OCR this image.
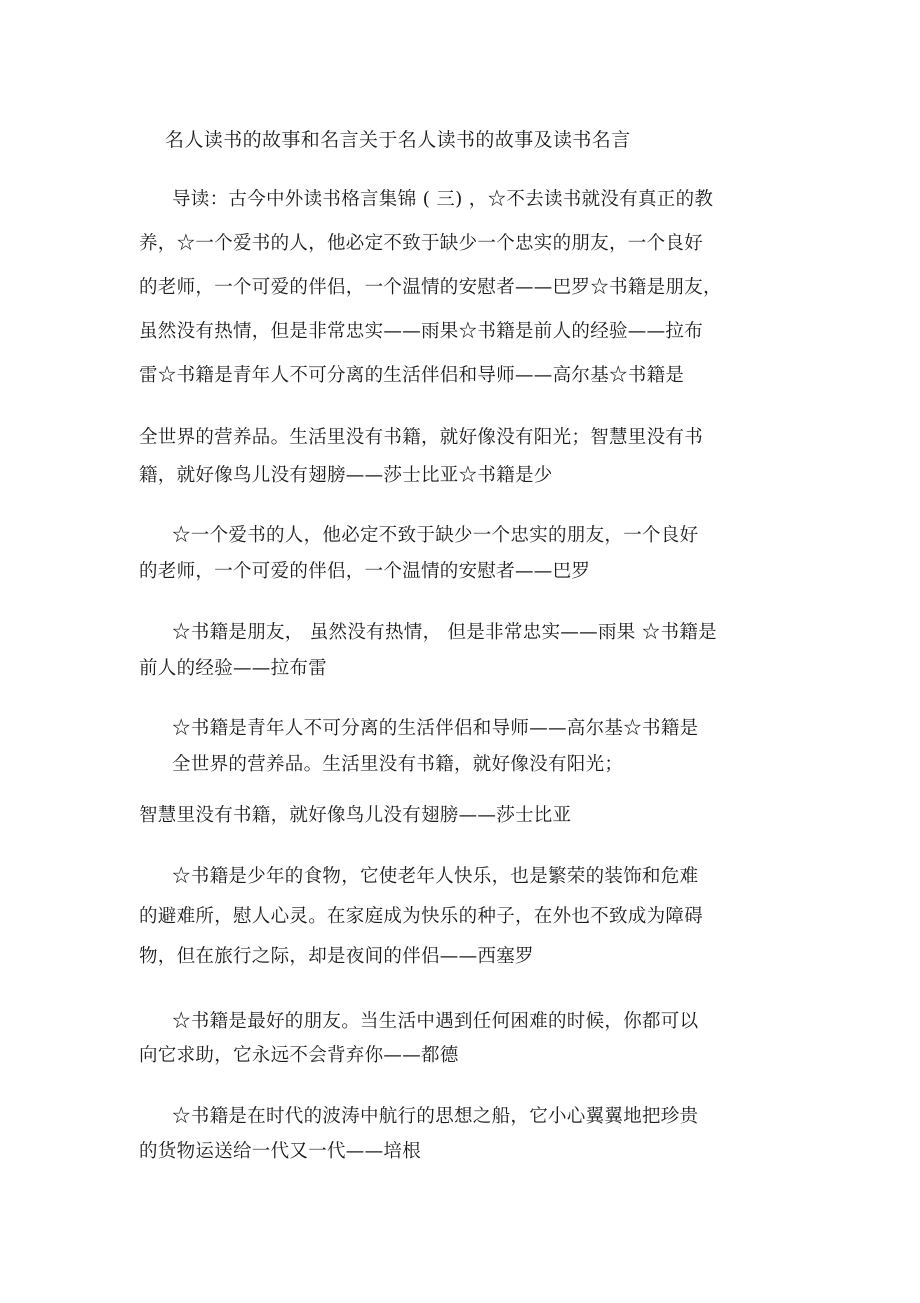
名人读书的故事和名言关于名人读书的故事及读书名言

导读：古今中外读书格言集锦 ( 三) ，☆不去读书就没有真正的教

养，☆一个爱书的人，他必定不致于缺少一个忠实的朋友，一个良好

的老师，一个可爱的伴侣，一个温情的安慰者——巴罗☆书籍是朋友，

虽然没有热情，但是非常忠实——雨果☆书籍是前人的经验——拉布

雷☆书籍是青年人不可分离的生活伴侣和导师——高尔基☆书籍是

全世界的营养品。生活里没有书籍，就好像没有阳光；智慧里没有书

籍，就好像鸟儿没有翅膀——莎士比亚☆书籍是少

☆一个爱书的人，他必定不致于缺少一个忠实的朋友，一个良好

的老师，一个可爱的伴侣，一个温情的安慰者——巴罗

☆书籍是朋友， 虽然没有热情， 但是非常忠实——雨果 ☆书籍是

前人的经验——拉布雷

☆书籍是青年人不可分离的生活伴侣和导师——高尔基☆书籍是

全世界的营养品。生活里没有书籍，就好像没有阳光；

智慧里没有书籍，就好像鸟儿没有翅膀——莎士比亚

☆书籍是少年的食物，它使老年人快乐，也是繁荣的装饰和危难

的避难所，慰人心灵。在家庭成为快乐的种子，在外也不致成为障碍

物，但在旅行之际，却是夜间的伴侣——西塞罗

☆书籍是最好的朋友。当生活中遇到任何困难的时候，你都可以

向它求助，它永远不会背弃你——都德

☆书籍是在时代的波涛中航行的思想之船，它小心翼翼地把珍贵

的货物运送给一代又一代——培根
